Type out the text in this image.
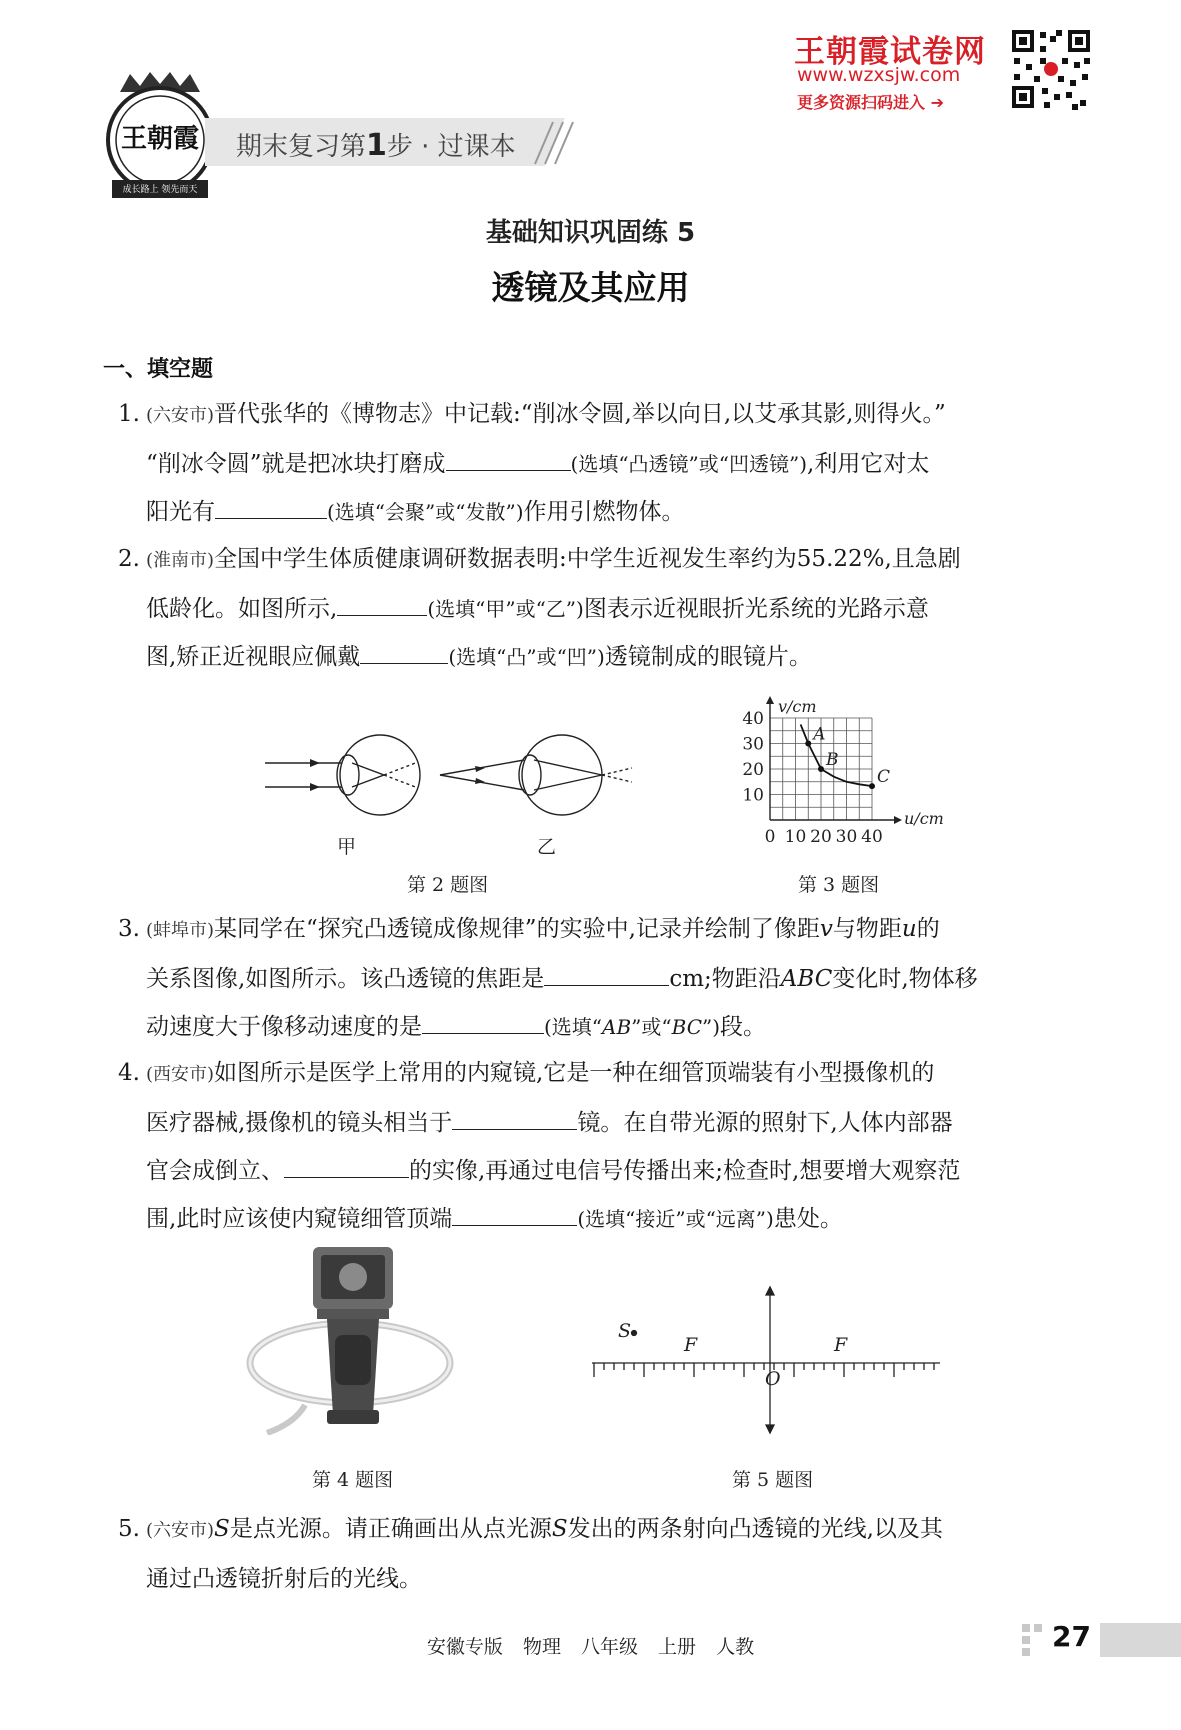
王朝霞
成长路上 领先而天
期末复习第1步 · 过课本
王朝霞试卷网
www.wzxsjw.com
更多资源扫码进入 ➔
基础知识巩固练 5
透镜及其应用
一、填空题
1. (六安市)晋代张华的《博物志》中记载:“削冰令圆,举以向日,以艾承其影,则得火。”
“削冰令圆”就是把冰块打磨成	(选填“凸透镜”或“凹透镜”),利用它对太
阳光有	(选填“会聚”或“发散”)作用引燃物体。
2. (淮南市)全国中学生体质健康调研数据表明:中学生近视发生率约为55.22%,且急剧
低龄化。如图所示,	(选填“甲”或“乙”)图表示近视眼折光系统的光路示意
图,矫正近视眼应佩戴	(选填“凸”或“凹”)透镜制成的眼镜片。
甲	乙
第 2 题图
0 10 20 30 40
10
20
30
40
v/cm
u/cm
A
B
C
第 3 题图
3. (蚌埠市)某同学在“探究凸透镜成像规律”的实验中,记录并绘制了像距v与物距u的
关系图像,如图所示。该凸透镜的焦距是	cm;物距沿ABC变化时,物体移
动速度大于像移动速度的是	(选填“AB”或“BC”)段。
4. (西安市)如图所示是医学上常用的内窥镜,它是一种在细管顶端装有小型摄像机的
医疗器械,摄像机的镜头相当于	镜。在自带光源的照射下,人体内部器
官会成倒立、	的实像,再通过电信号传播出来;检查时,想要增大观察范
围,此时应该使内窥镜细管顶端	(选填“接近”或“远离”)患处。
第 4 题图
S
F	F
O
第 5 题图
5. (六安市)S是点光源。请正确画出从点光源S发出的两条射向凸透镜的光线,以及其
通过凸透镜折射后的光线。
安徽专版 物理 八年级 上册 人教	27
